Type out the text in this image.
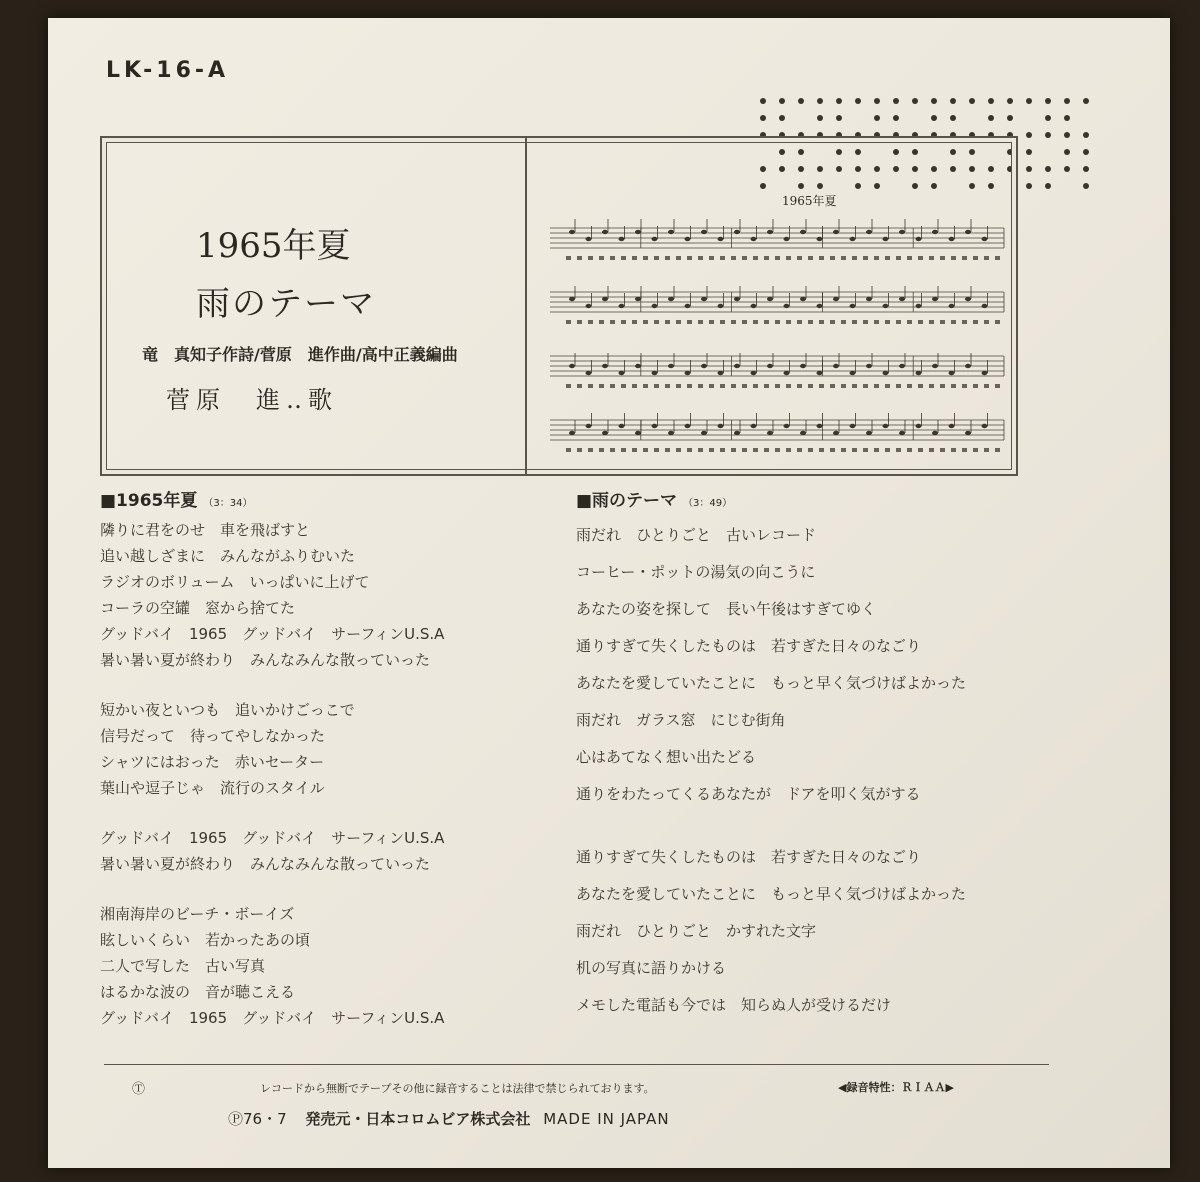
LK-16-A
1965年夏
雨のテーマ
竜　真知子作詩/菅原　進作曲/高中正義編曲
菅原　進‥歌
1965年夏
■1965年夏 （3：34）
隣りに君をのせ　車を飛ばすと
追い越しざまに　みんながふりむいた
ラジオのボリューム　いっぱいに上げて
コーラの空罐　窓から捨てた
グッドバイ　1965　グッドバイ　サーフィンU.S.A
暑い暑い夏が終わり　みんなみんな散っていった
短かい夜といつも　追いかけごっこで
信号だって　待ってやしなかった
シャツにはおった　赤いセーター
葉山や逗子じゃ　流行のスタイル
グッドバイ　1965　グッドバイ　サーフィンU.S.A
暑い暑い夏が終わり　みんなみんな散っていった
湘南海岸のビーチ・ボーイズ
眩しいくらい　若かったあの頃
二人で写した　古い写真
はるかな波の　音が聴こえる
グッドバイ　1965　グッドバイ　サーフィンU.S.A
■雨のテーマ （3：49）
雨だれ　ひとりごと　古いレコード
コーヒー・ポットの湯気の向こうに
あなたの姿を探して　長い午後はすぎてゆく
通りすぎて失くしたものは　若すぎた日々のなごり
あなたを愛していたことに　もっと早く気づけばよかった
雨だれ　ガラス窓　にじむ街角
心はあてなく想い出たどる
通りをわたってくるあなたが　ドアを叩く気がする
通りすぎて失くしたものは　若すぎた日々のなごり
あなたを愛していたことに　もっと早く気づけばよかった
雨だれ　ひとりごと　かすれた文字
机の写真に語りかける
メモした電話も今では　知らぬ人が受けるだけ
Ⓣ	レコードから無断でテープその他に録音することは法律で禁じられております。	◀録音特性：ＲＩＡＡ▶
Ⓟ76・7 発売元・日本コロムビア株式会社 MADE IN JAPAN
